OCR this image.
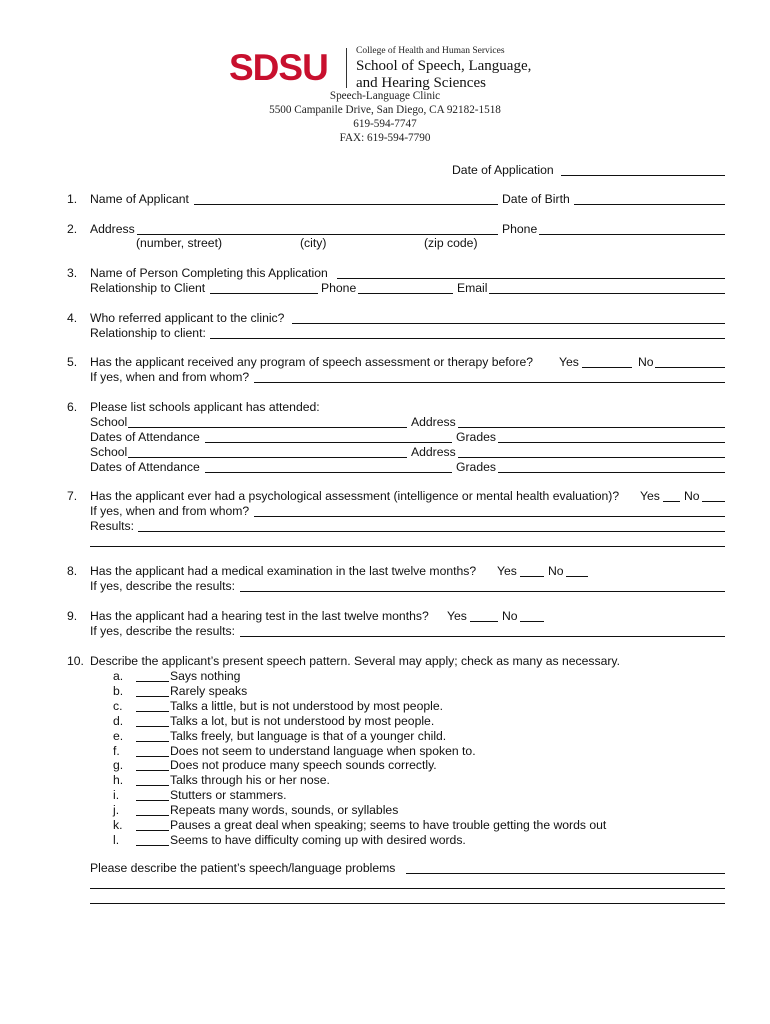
SDSU	College of Health and Human Services
School of Speech, Language,
and Hearing Sciences
Speech-Language Clinic
5500 Campanile Drive, San Diego, CA 92182-1518
619-594-7747
FAX: 619-594-7790
Date of Application
1. Name of Applicant	Date of Birth
2. Address	Phone
(number, street)	(city)	(zip code)
3. Name of Person Completing this Application
Relationship to Client	Phone	Email
4. Who referred applicant to the clinic?
Relationship to client:
5. Has the applicant received any program of speech assessment or therapy before? Yes	No
If yes, when and from whom?
6. Please list schools applicant has attended:
School	Address
Dates of Attendance	Grades
School	Address
Dates of Attendance	Grades
7. Has the applicant ever had a psychological assessment (intelligence or mental health evaluation)? Yes No
If yes, when and from whom?
Results:
8. Has the applicant had a medical examination in the last twelve months? Yes	No
If yes, describe the results:
9. Has the applicant had a hearing test in the last twelve months? Yes	No
If yes, describe the results:
10. Describe the applicant’s present speech pattern. Several may apply; check as many as necessary.
a.	Says nothing
b.	Rarely speaks
c.	Talks a little, but is not understood by most people.
d.	Talks a lot, but is not understood by most people.
e.	Talks freely, but language is that of a younger child.
f.	Does not seem to understand language when spoken to.
g.	Does not produce many speech sounds correctly.
h.	Talks through his or her nose.
i.	Stutters or stammers.
j.	Repeats many words, sounds, or syllables
k.	Pauses a great deal when speaking; seems to have trouble getting the words out
l.	Seems to have difficulty coming up with desired words.
Please describe the patient’s speech/language problems
